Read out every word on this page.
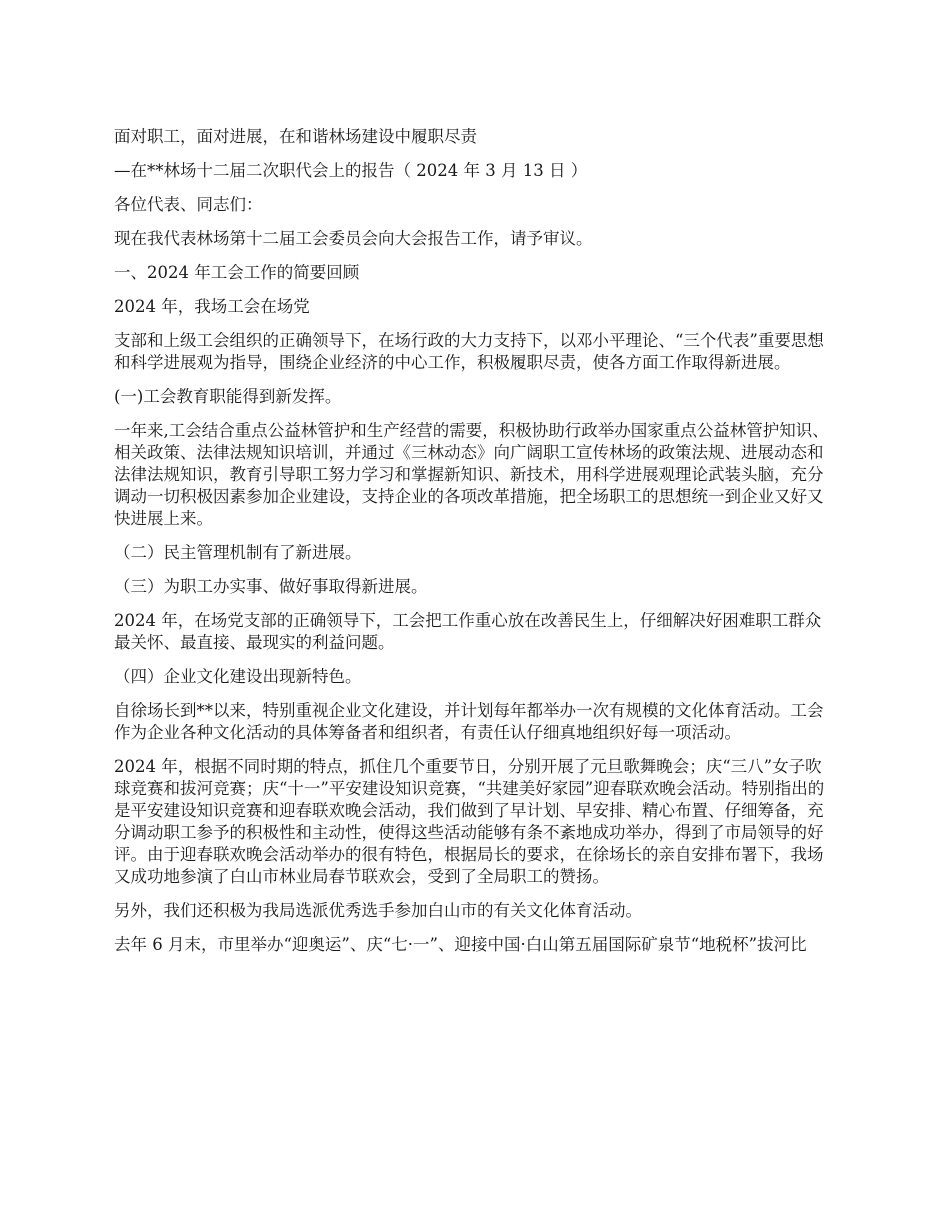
面对职工，面对进展，在和谐林场建设中履职尽责

—在**林场十二届二次职代会上的报告（ 2024 年 3 月 13 日 ）

各位代表、同志们：

现在我代表林场第十二届工会委员会向大会报告工作，请予审议。

一、2024 年工会工作的简要回顾

2024 年，我场工会在场党

支部和上级工会组织的正确领导下，在场行政的大力支持下，以邓小平理论、“三个代表”重要思想和科学进展观为指导，围绕企业经济的中心工作，积极履职尽责，使各方面工作取得新进展。

(一)工会教育职能得到新发挥。

一年来,工会结合重点公益林管护和生产经营的需要，积极协助行政举办国家重点公益林管护知识、相关政策、法律法规知识培训，并通过《三林动态》向广阔职工宣传林场的政策法规、进展动态和法律法规知识，教育引导职工努力学习和掌握新知识、新技术，用科学进展观理论武装头脑，充分调动一切积极因素参加企业建设，支持企业的各项改革措施，把全场职工的思想统一到企业又好又快进展上来。

（二）民主管理机制有了新进展。

（三）为职工办实事、做好事取得新进展。

2024 年，在场党支部的正确领导下，工会把工作重心放在改善民生上，仔细解决好困难职工群众最关怀、最直接、最现实的利益问题。

（四）企业文化建设出现新特色。

自徐场长到**以来，特别重视企业文化建设，并计划每年都举办一次有规模的文化体育活动。工会作为企业各种文化活动的具体筹备者和组织者，有责任认仔细真地组织好每一项活动。

2024 年，根据不同时期的特点，抓住几个重要节日，分别开展了元旦歌舞晚会；庆“三八”女子吹球竞赛和拔河竞赛；庆“十一”平安建设知识竞赛，“共建美好家园”迎春联欢晚会活动。特别指出的是平安建设知识竞赛和迎春联欢晚会活动，我们做到了早计划、早安排、精心布置、仔细筹备，充分调动职工参予的积极性和主动性，使得这些活动能够有条不紊地成功举办，得到了市局领导的好评。由于迎春联欢晚会活动举办的很有特色，根据局长的要求，在徐场长的亲自安排布署下，我场又成功地参演了白山市林业局春节联欢会，受到了全局职工的赞扬。

另外，我们还积极为我局选派优秀选手参加白山市的有关文化体育活动。

去年 6 月末，市里举办“迎奥运”、庆“七·一”、迎接中国·白山第五届国际矿泉节“地税杯”拔河比
